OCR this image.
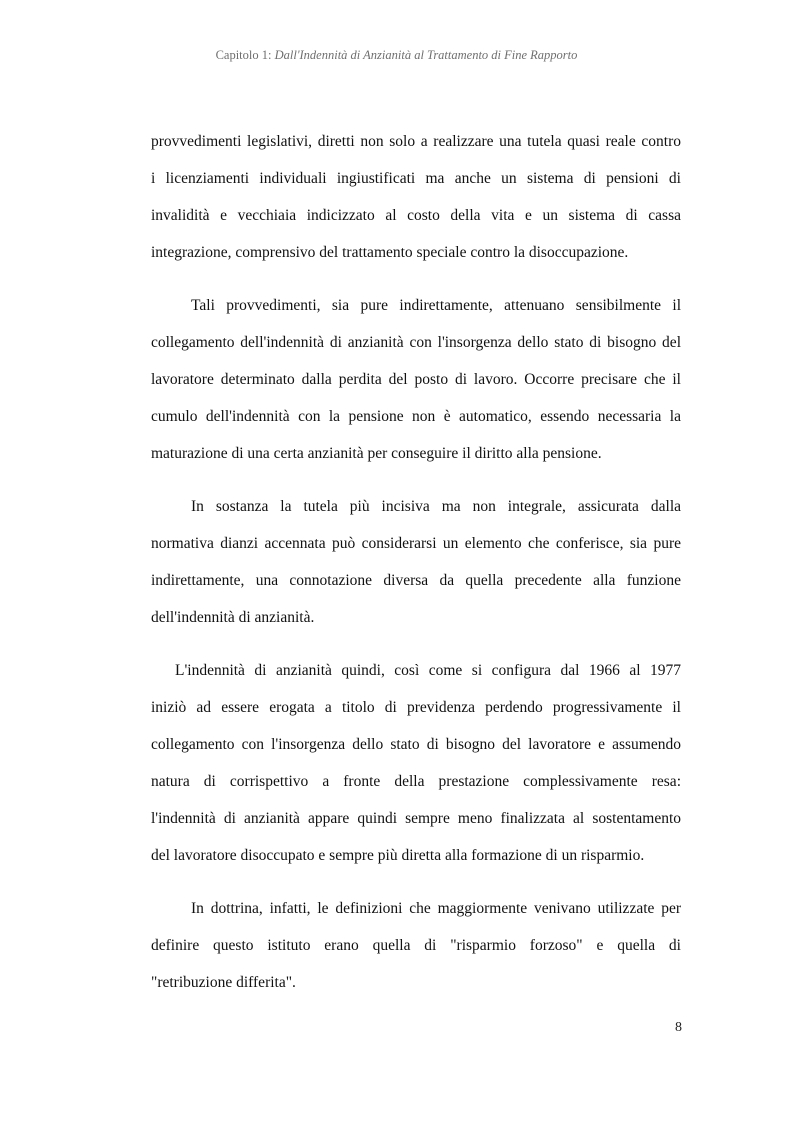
Capitolo 1: Dall'Indennità di Anzianità al Trattamento di Fine Rapporto

provvedimenti legislativi, diretti non solo a realizzare una tutela quasi reale contro
i licenziamenti individuali ingiustificati ma anche un sistema di pensioni di
invalidità e vecchiaia indicizzato al costo della vita e un sistema di cassa
integrazione, comprensivo del trattamento speciale contro la disoccupazione.

Tali provvedimenti, sia pure indirettamente, attenuano sensibilmente il
collegamento dell'indennità di anzianità con l'insorgenza dello stato di bisogno del
lavoratore determinato dalla perdita del posto di lavoro. Occorre precisare che il
cumulo dell'indennità con la pensione non è automatico, essendo necessaria la
maturazione di una certa anzianità per conseguire il diritto alla pensione.

In sostanza la tutela più incisiva ma non integrale, assicurata dalla
normativa dianzi accennata può considerarsi un elemento che conferisce, sia pure
indirettamente, una connotazione diversa da quella precedente alla funzione
dell'indennità di anzianità.

L'indennità di anzianità quindi, così come si configura dal 1966 al 1977
iniziò ad essere erogata a titolo di previdenza perdendo progressivamente il
collegamento con l'insorgenza dello stato di bisogno del lavoratore e assumendo
natura di corrispettivo a fronte della prestazione complessivamente resa:
l'indennità di anzianità appare quindi sempre meno finalizzata al sostentamento
del lavoratore disoccupato e sempre più diretta alla formazione di un risparmio.

In dottrina, infatti, le definizioni che maggiormente venivano utilizzate per
definire questo istituto erano quella di "risparmio forzoso" e quella di
"retribuzione differita".

8
